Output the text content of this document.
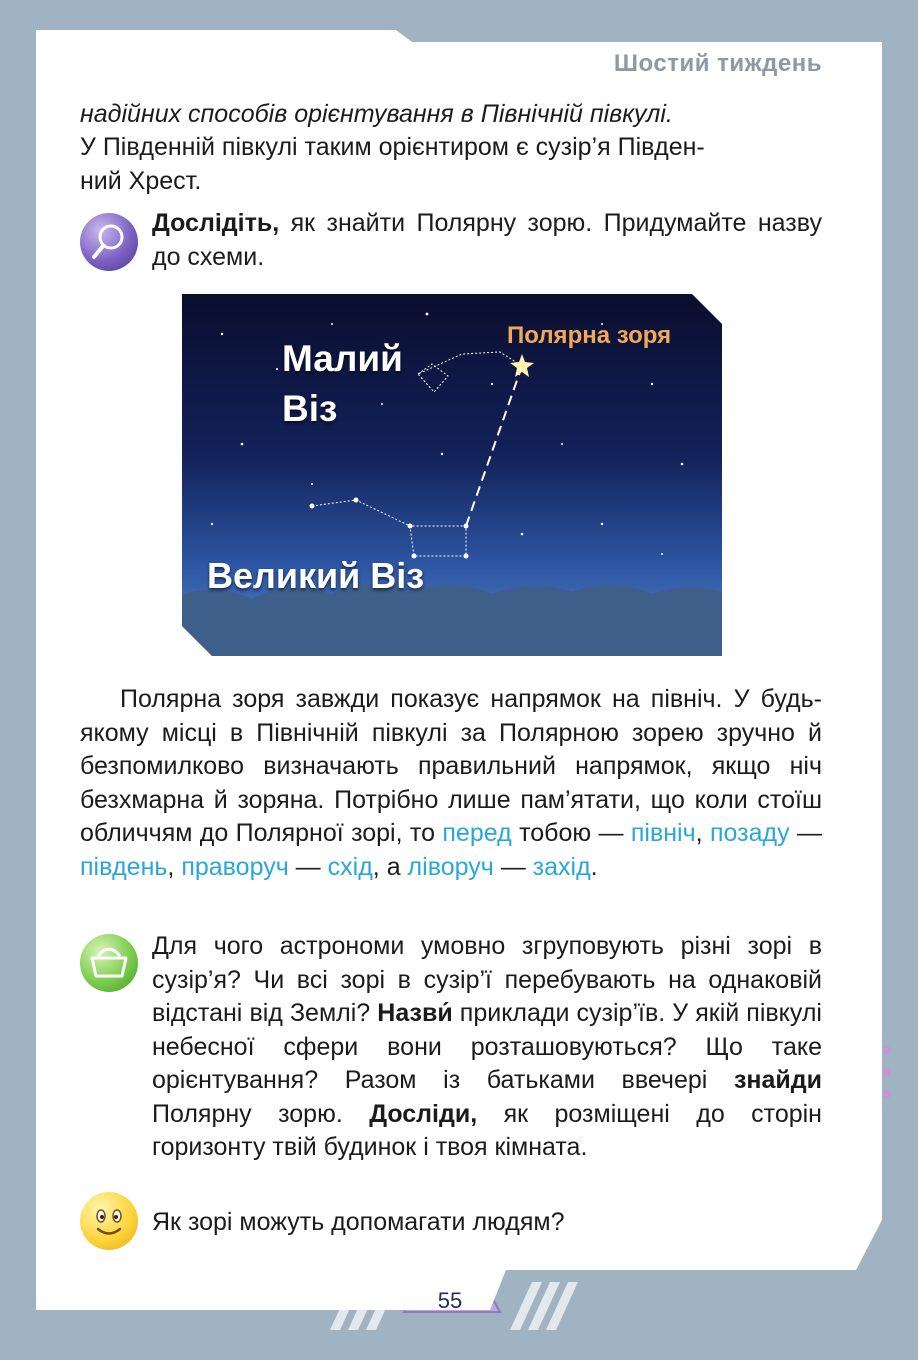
Шостий тиждень
надійних способів орієнтування в Північній півкулі.
У Південній півкулі таким орієнтиром є сузір’я Півден-
ний Хрест.
Дослідіть, як знайти Полярну зорю. Придумайте назву до схеми.
Малий Віз
Полярна зоря
Великий Віз
Полярна зоря завжди показує напрямок на північ. У будь-якому місці в Північній півкулі за Полярною зорею зручно й безпомилково визначають правильний напрямок, якщо ніч безхмарна й зоряна. Потрібно лише пам’ятати, що коли стоїш обличчям до Полярної зорі, то перед тобою — північ, позаду — південь, праворуч — схід, а ліворуч — захід.
Для чого астрономи умовно згруповують різні зорі в сузір’я? Чи всі зорі в сузір’ї перебувають на однаковій відстані від Землі? Назви́ приклади сузір’їв. У якій півкулі небесної сфери вони розташовуються? Що таке орієнтування? Разом із батьками ввечері знайди Полярну зорю. Досліди, як розміщені до сторін горизонту твій будинок і твоя кімната.
Як зорі можуть допомагати людям?
55
